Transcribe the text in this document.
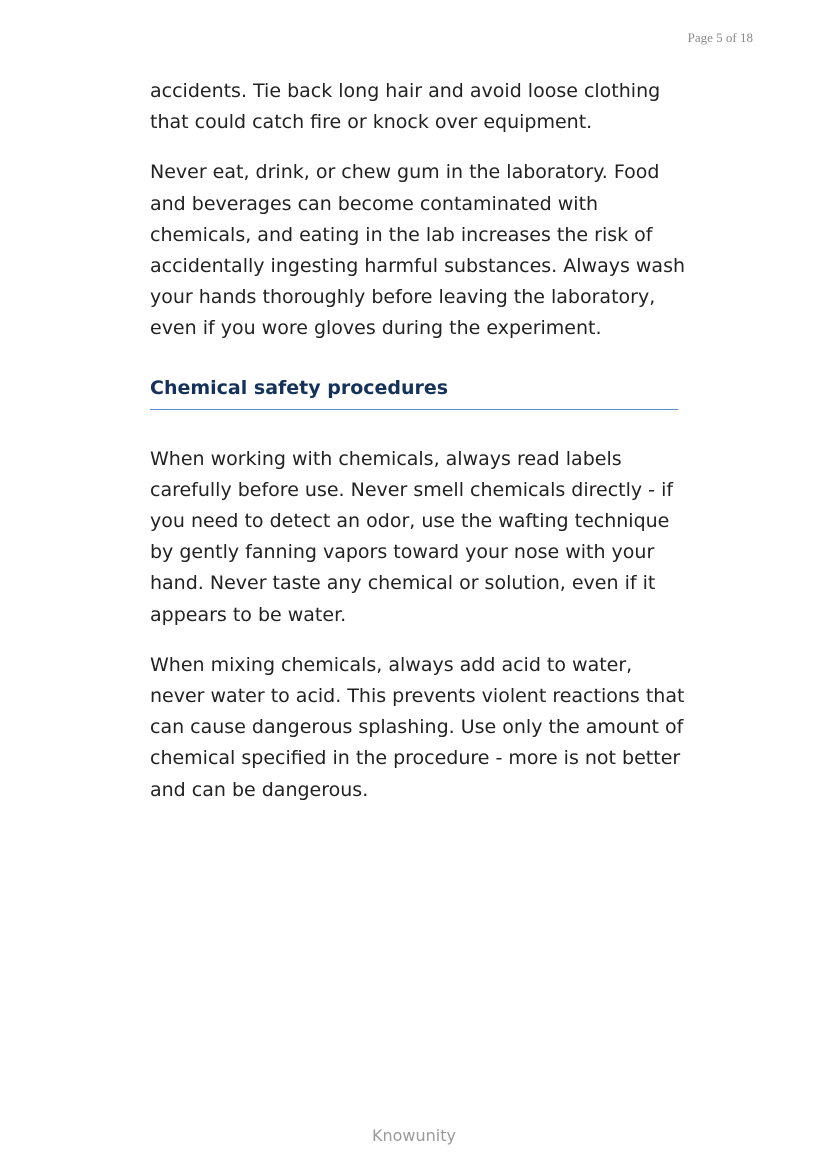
Page 5 of 18

accidents. Tie back long hair and avoid loose clothing that could catch fire or knock over equipment.

Never eat, drink, or chew gum in the laboratory. Food and beverages can become contaminated with chemicals, and eating in the lab increases the risk of accidentally ingesting harmful substances. Always wash your hands thoroughly before leaving the laboratory, even if you wore gloves during the experiment.

Chemical safety procedures

When working with chemicals, always read labels carefully before use. Never smell chemicals directly - if you need to detect an odor, use the wafting technique by gently fanning vapors toward your nose with your hand. Never taste any chemical or solution, even if it appears to be water.

When mixing chemicals, always add acid to water, never water to acid. This prevents violent reactions that can cause dangerous splashing. Use only the amount of chemical specified in the procedure - more is not better and can be dangerous.

Knowunity
